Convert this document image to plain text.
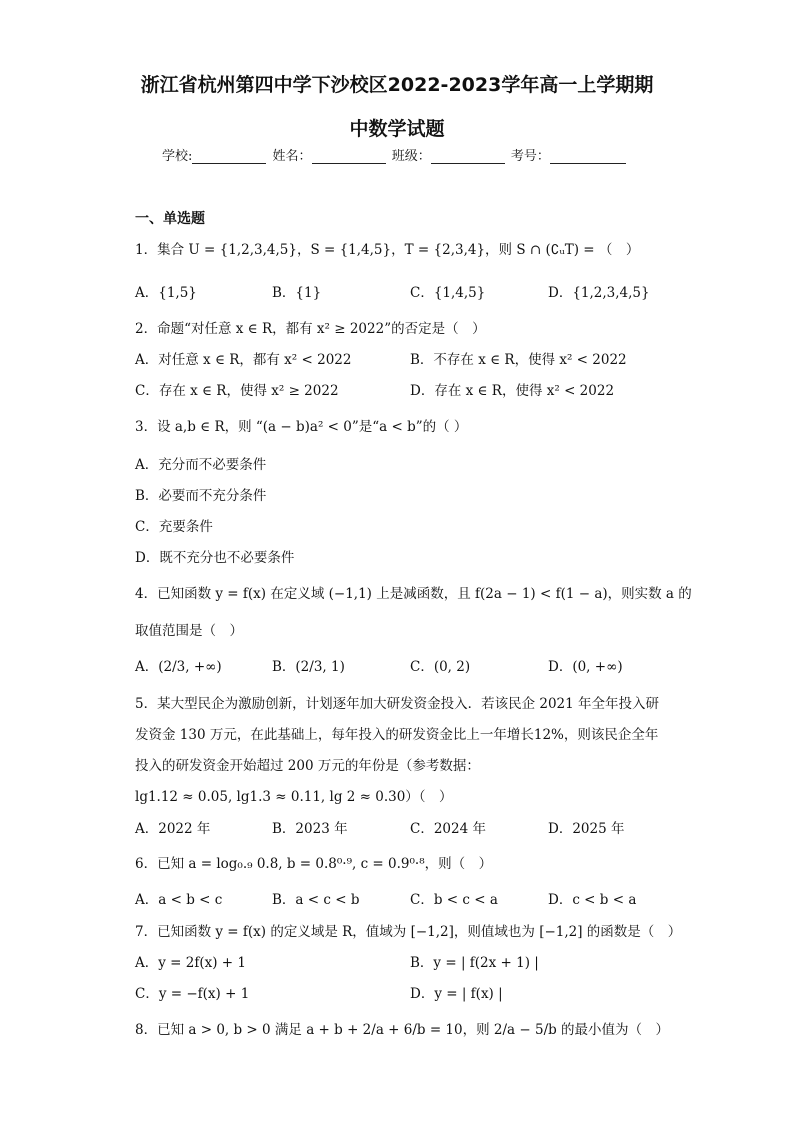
浙江省杭州第四中学下沙校区2022-2023学年高一上学期期
中数学试题
学校:	姓名：	班级：	考号：
一、单选题
1．集合 U = {1,2,3,4,5}，S = {1,4,5}，T = {2,3,4}，则 S ∩ (∁ᵤT) = （　）
A．{1,5}	B．{1}	C．{1,4,5}	D．{1,2,3,4,5}
2．命题“对任意 x ∈ R，都有 x² ≥ 2022”的否定是（　）
A．对任意 x ∈ R，都有 x² < 2022	B．不存在 x ∈ R，使得 x² < 2022
C．存在 x ∈ R，使得 x² ≥ 2022	D．存在 x ∈ R，使得 x² < 2022
3．设 a,b ∈ R，则 “(a − b)a² < 0”是“a < b”的（ ）
A．充分而不必要条件
B．必要而不充分条件
C．充要条件
D．既不充分也不必要条件
4．已知函数 y = f(x) 在定义域 (−1,1) 上是减函数，且 f(2a − 1) < f(1 − a)，则实数 a 的
取值范围是（　）
A．(2/3, +∞)	B．(2/3, 1)	C．(0, 2)	D．(0, +∞)
5．某大型民企为激励创新，计划逐年加大研发资金投入．若该民企 2021 年全年投入研
发资金 130 万元，在此基础上，每年投入的研发资金比上一年增长12%，则该民企全年
投入的研发资金开始超过 200 万元的年份是（参考数据：
lg1.12 ≈ 0.05, lg1.3 ≈ 0.11, lg 2 ≈ 0.30）（　）
A．2022 年	B．2023 年	C．2024 年	D．2025 年
6．已知 a = log₀.₉ 0.8, b = 0.8⁰·⁹, c = 0.9⁰·⁸，则（　）
A．a < b < c	B．a < c < b	C．b < c < a	D．c < b < a
7．已知函数 y = f(x) 的定义域是 R，值域为 [−1,2]，则值域也为 [−1,2] 的函数是（　）
A．y = 2f(x) + 1	B．y = | f(2x + 1) |
C．y = −f(x) + 1	D．y = | f(x) |
8．已知 a > 0, b > 0 满足 a + b + 2/a + 6/b = 10，则 2/a − 5/b 的最小值为（　）
